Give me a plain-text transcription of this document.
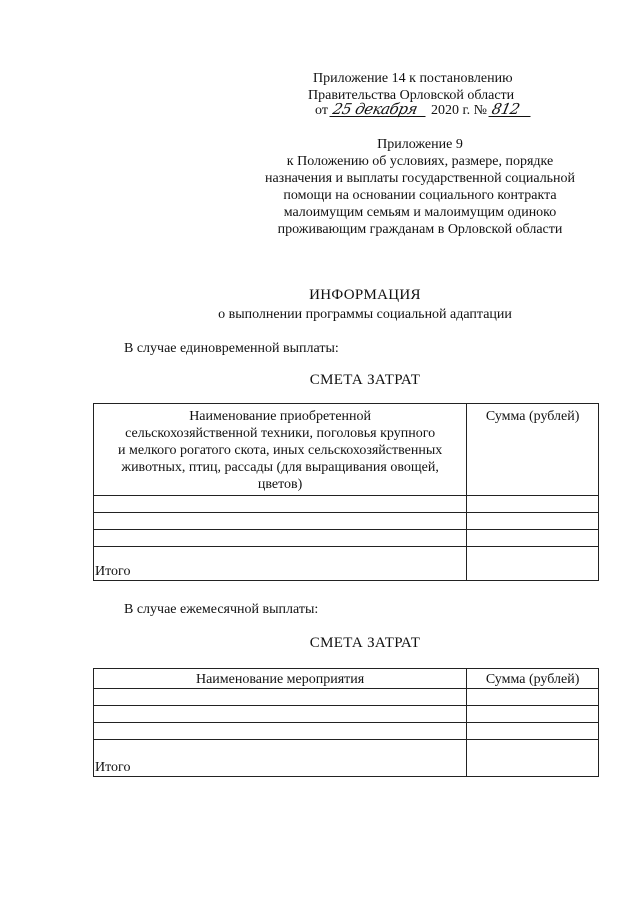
Приложение 14 к постановлению
Правительства Орловской области
от 25 декабря 2020 г. № 812
Приложение 9
к Положению об условиях, размере, порядке
назначения и выплаты государственной социальной
помощи на основании социального контракта
малоимущим семьям и малоимущим одиноко
проживающим гражданам в Орловской области
ИНФОРМАЦИЯ
о выполнении программы социальной адаптации
В случае единовременной выплаты:
СМЕТА ЗАТРАТ
Наименование приобретенной
сельскохозяйственной техники, поголовья крупного
и мелкого рогатого скота, иных сельскохозяйственных
животных, птиц, рассады (для выращивания овощей,
цветов)	Сумма (рублей)

Итого	
В случае ежемесячной выплаты:
СМЕТА ЗАТРАТ
Наименование мероприятия	Сумма (рублей)

Итого	
